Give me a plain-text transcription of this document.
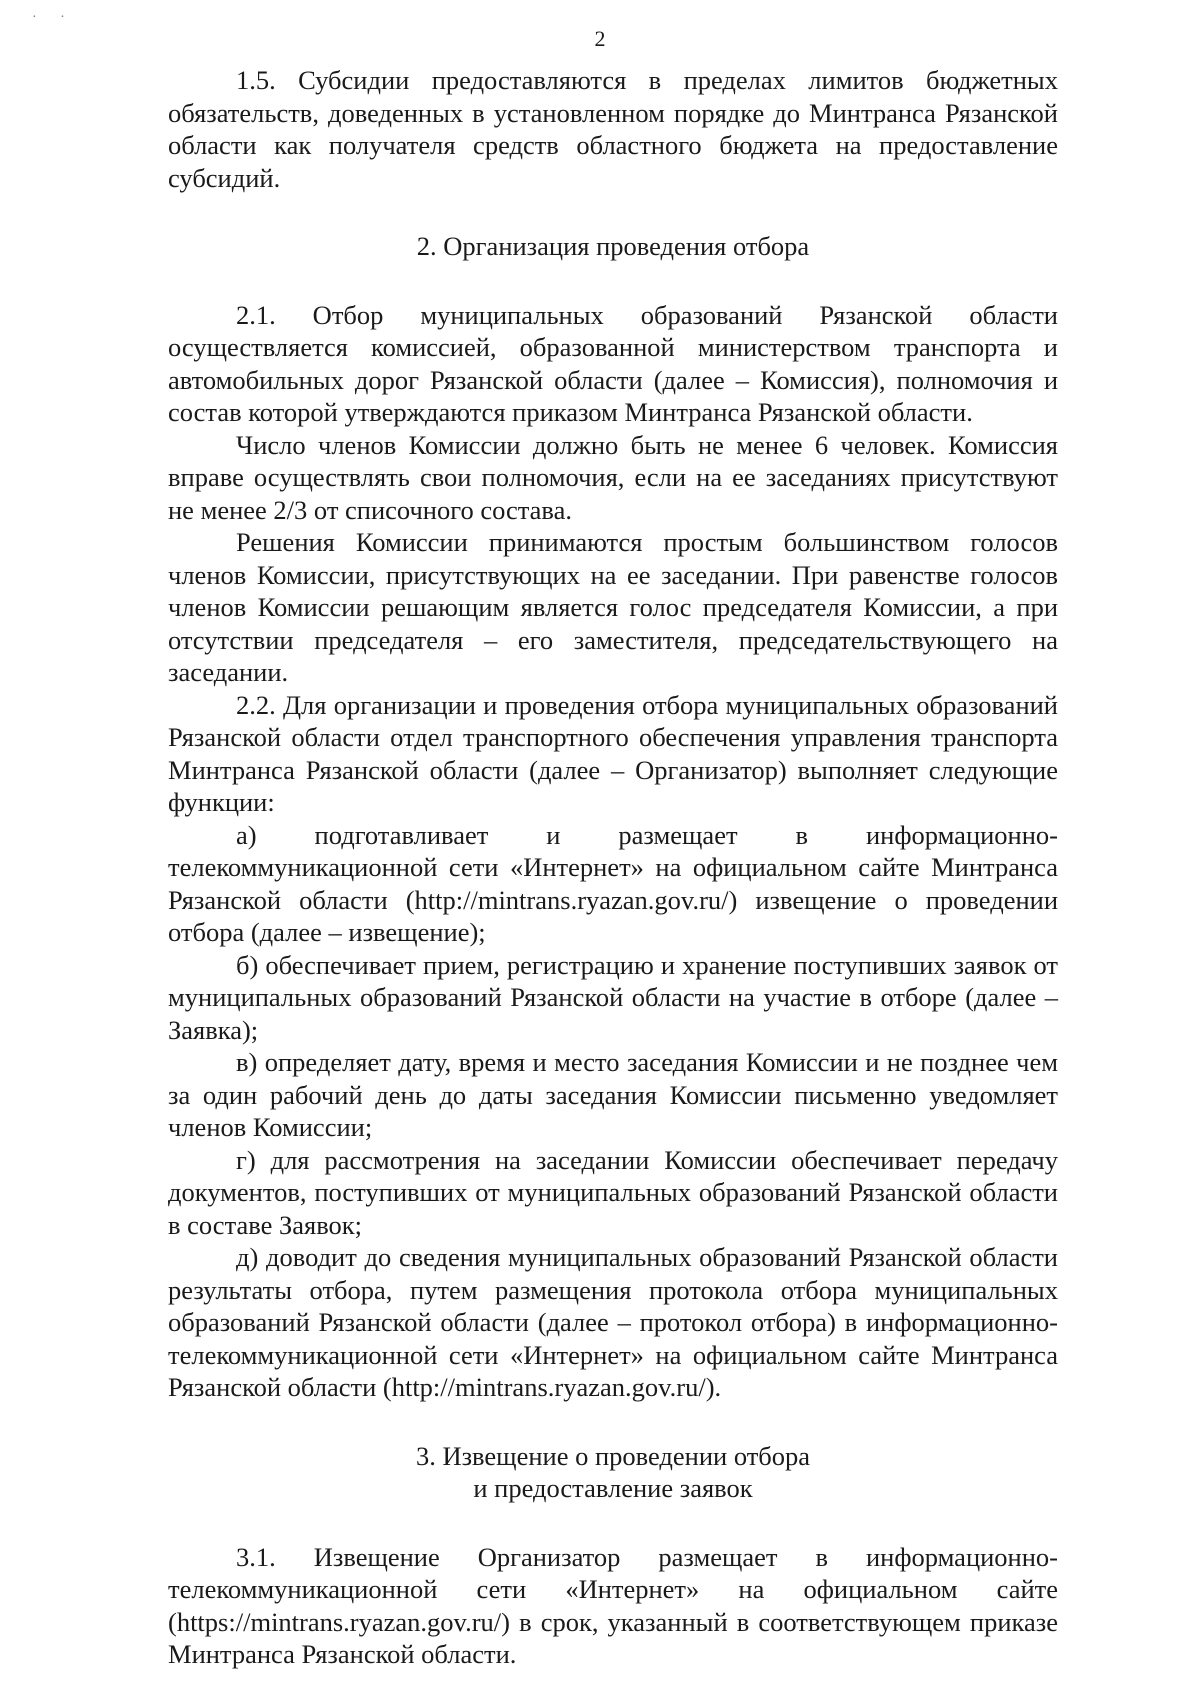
· ·
2

1.5. Субсидии предоставляются в пределах лимитов бюджетных обязательств, доведенных в установленном порядке до Минтранса Рязанской области как получателя средств областного бюджета на предоставление субсидий.

2. Организация проведения отбора

2.1. Отбор муниципальных образований Рязанской области осуществляется комиссией, образованной министерством транспорта и автомобильных дорог Рязанской области (далее – Комиссия), полномочия и состав которой утверждаются приказом Минтранса Рязанской области.

Число членов Комиссии должно быть не менее 6 человек. Комиссия вправе осуществлять свои полномочия, если на ее заседаниях присутствуют не менее 2/3 от списочного состава.

Решения Комиссии принимаются простым большинством голосов членов Комиссии, присутствующих на ее заседании. При равенстве голосов членов Комиссии решающим является голос председателя Комиссии, а при отсутствии председателя – его заместителя, председательствующего на заседании.

2.2. Для организации и проведения отбора муниципальных образований Рязанской области отдел транспортного обеспечения управления транспорта Минтранса Рязанской области (далее – Организатор) выполняет следующие функции:

а) подготавливает и размещает в информационно-телекоммуникационной сети «Интернет» на официальном сайте Минтранса Рязанской области (http://mintrans.ryazan.gov.ru/) извещение о проведении отбора (далее – извещение);

б) обеспечивает прием, регистрацию и хранение поступивших заявок от муниципальных образований Рязанской области на участие в отборе (далее – Заявка);

в) определяет дату, время и место заседания Комиссии и не позднее чем за один рабочий день до даты заседания Комиссии письменно уведомляет членов Комиссии;

г) для рассмотрения на заседании Комиссии обеспечивает передачу документов, поступивших от муниципальных образований Рязанской области в составе Заявок;

д) доводит до сведения муниципальных образований Рязанской области результаты отбора, путем размещения протокола отбора муниципальных образований Рязанской области (далее – протокол отбора) в информационно-телекоммуникационной сети «Интернет» на официальном сайте Минтранса Рязанской области (http://mintrans.ryazan.gov.ru/).

3. Извещение о проведении отбора

и предоставление заявок

3.1. Извещение Организатор размещает в информационно-телекоммуникационной сети «Интернет» на официальном сайте (https://mintrans.ryazan.gov.ru/) в срок, указанный в соответствующем приказе Минтранса Рязанской области.
